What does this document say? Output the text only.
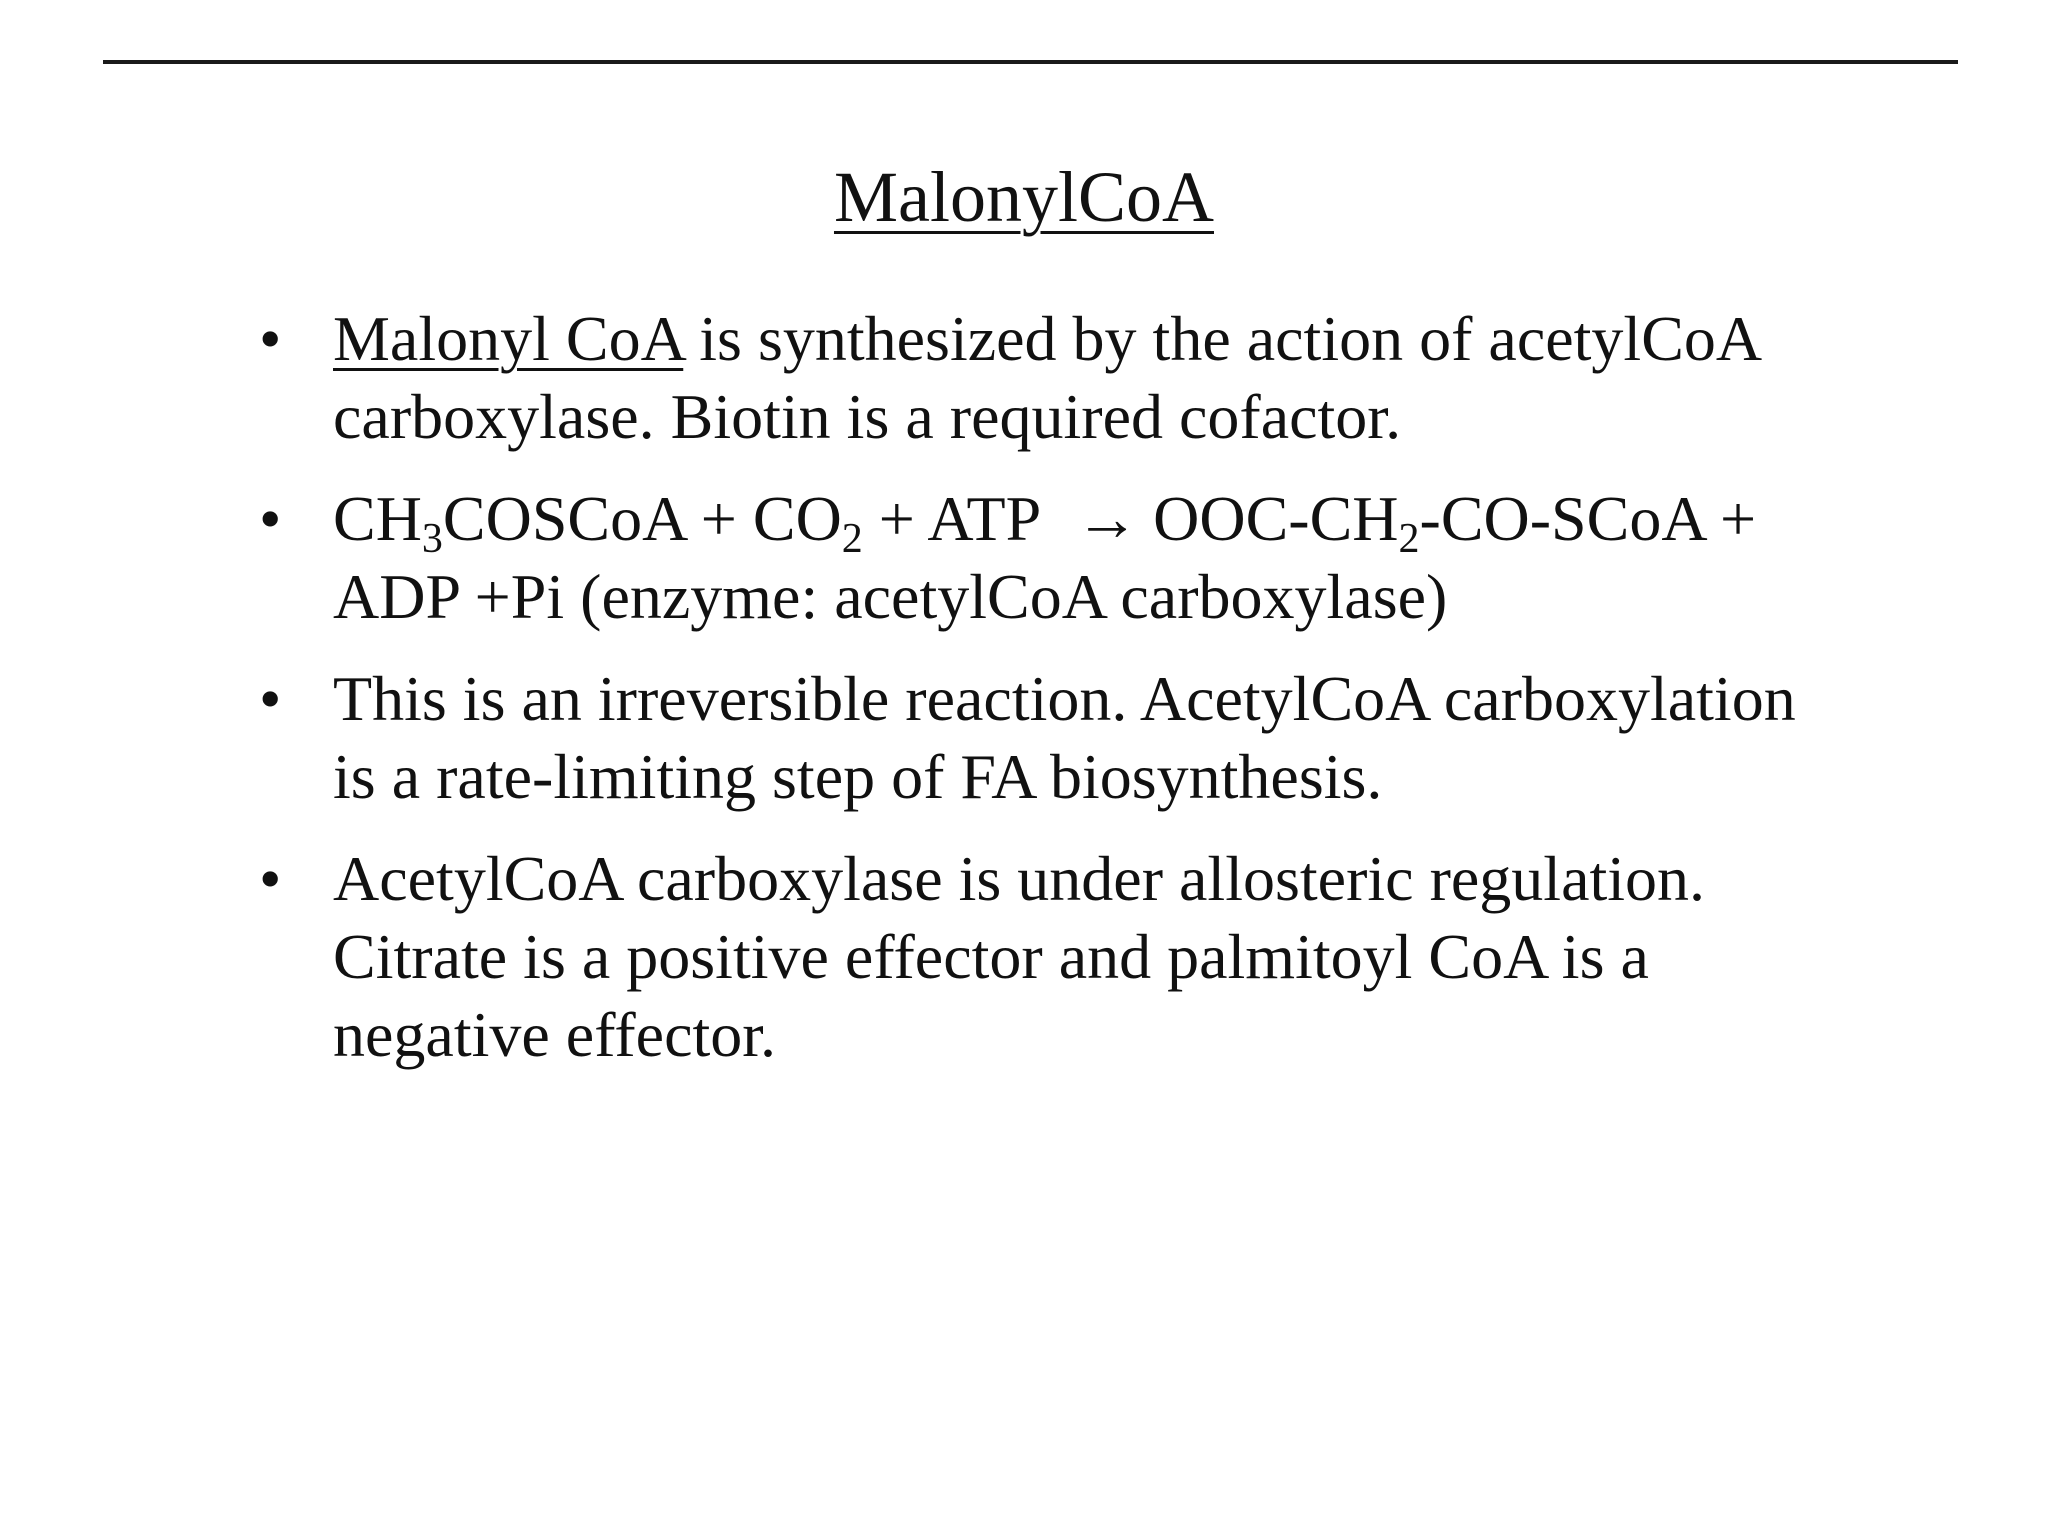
MalonylCoA
• Malonyl CoA is synthesized by the action of acetylCoA carboxylase. Biotin is a required cofactor.
• $CH_3COSCoA + CO_2$ + ATP → OOC-$CH_2-CO$-SCoA + ADP +Pi (enzyme: acetylCoA carboxylase)
• This is an irreversible reaction. AcetylCoA carboxylation is a rate-limiting step of FA biosynthesis.
• AcetylCoA carboxylase is under allosteric regulation. Citrate is a positive effector and palmitoyl CoA is a negative effector.
